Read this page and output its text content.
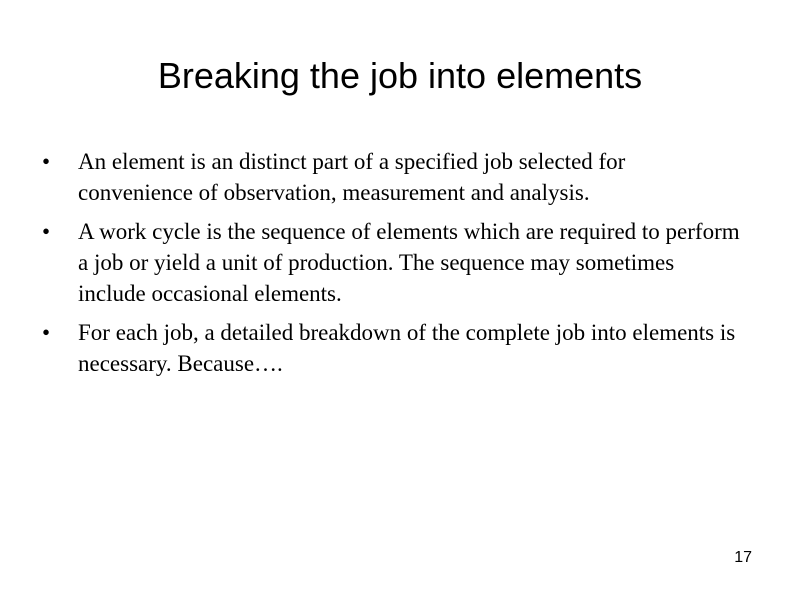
Breaking the job into elements
•	An element is an distinct part of a specified job selected for convenience of observation, measurement and analysis.
•	A work cycle is the sequence of elements which are required to perform a job or yield a unit of production. The sequence may sometimes include occasional elements.
•	For each job, a detailed breakdown of the complete job into elements is necessary. Because….
17
